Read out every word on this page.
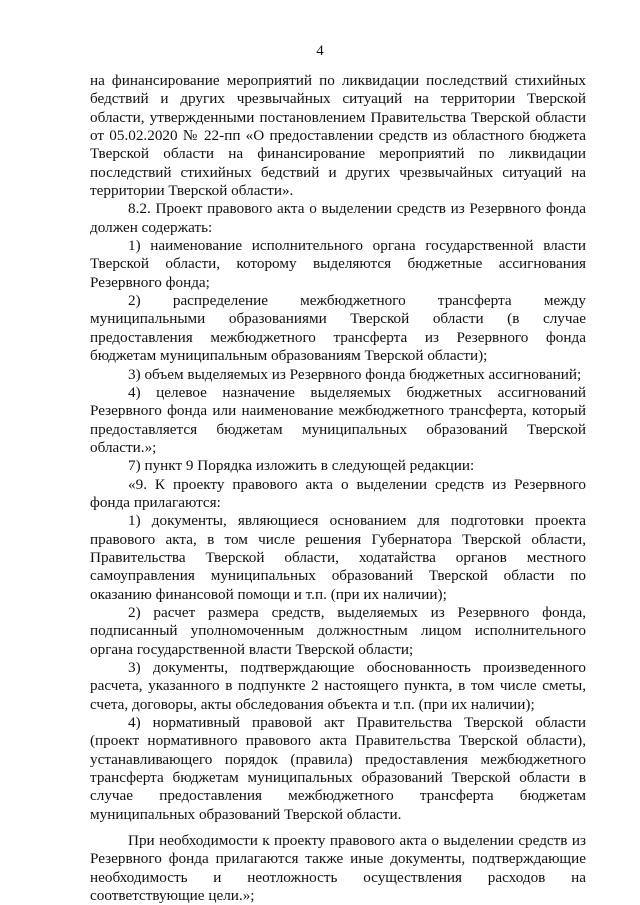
4

на финансирование мероприятий по ликвидации последствий стихийных бедствий и других чрезвычайных ситуаций на территории Тверской области, утвержденными постановлением Правительства Тверской области от 05.02.2020 № 22-пп «О предоставлении средств из областного бюджета Тверской области на финансирование мероприятий по ликвидации последствий стихийных бедствий и других чрезвычайных ситуаций на территории Тверской области».

8.2. Проект правового акта о выделении средств из Резервного фонда должен содержать:

1) наименование исполнительного органа государственной власти Тверской области, которому выделяются бюджетные ассигнования Резервного фонда;

2) распределение межбюджетного трансферта между муниципальными образованиями Тверской области (в случае предоставления межбюджетного трансферта из Резервного фонда бюджетам муниципальным образованиям Тверской области);

3) объем выделяемых из Резервного фонда бюджетных ассигнований;

4) целевое назначение выделяемых бюджетных ассигнований Резервного фонда или наименование межбюджетного трансферта, который предоставляется бюджетам муниципальных образований Тверской области.»;

7) пункт 9 Порядка изложить в следующей редакции:

«9. К проекту правового акта о выделении средств из Резервного фонда прилагаются:

1) документы, являющиеся основанием для подготовки проекта правового акта, в том числе решения Губернатора Тверской области, Правительства Тверской области, ходатайства органов местного самоуправления муниципальных образований Тверской области по оказанию финансовой помощи и т.п. (при их наличии);

2) расчет размера средств, выделяемых из Резервного фонда, подписанный уполномоченным должностным лицом исполнительного органа государственной власти Тверской области;

3) документы, подтверждающие обоснованность произведенного расчета, указанного в подпункте 2 настоящего пункта, в том числе сметы, счета, договоры, акты обследования объекта и т.п. (при их наличии);

4) нормативный правовой акт Правительства Тверской области (проект нормативного правового акта Правительства Тверской области), устанавливающего порядок (правила) предоставления межбюджетного трансферта бюджетам муниципальных образований Тверской области в случае предоставления межбюджетного трансферта бюджетам муниципальных образований Тверской области.

При необходимости к проекту правового акта о выделении средств из Резервного фонда прилагаются также иные документы, подтверждающие необходимость и неотложность осуществления расходов на соответствующие цели.»;
